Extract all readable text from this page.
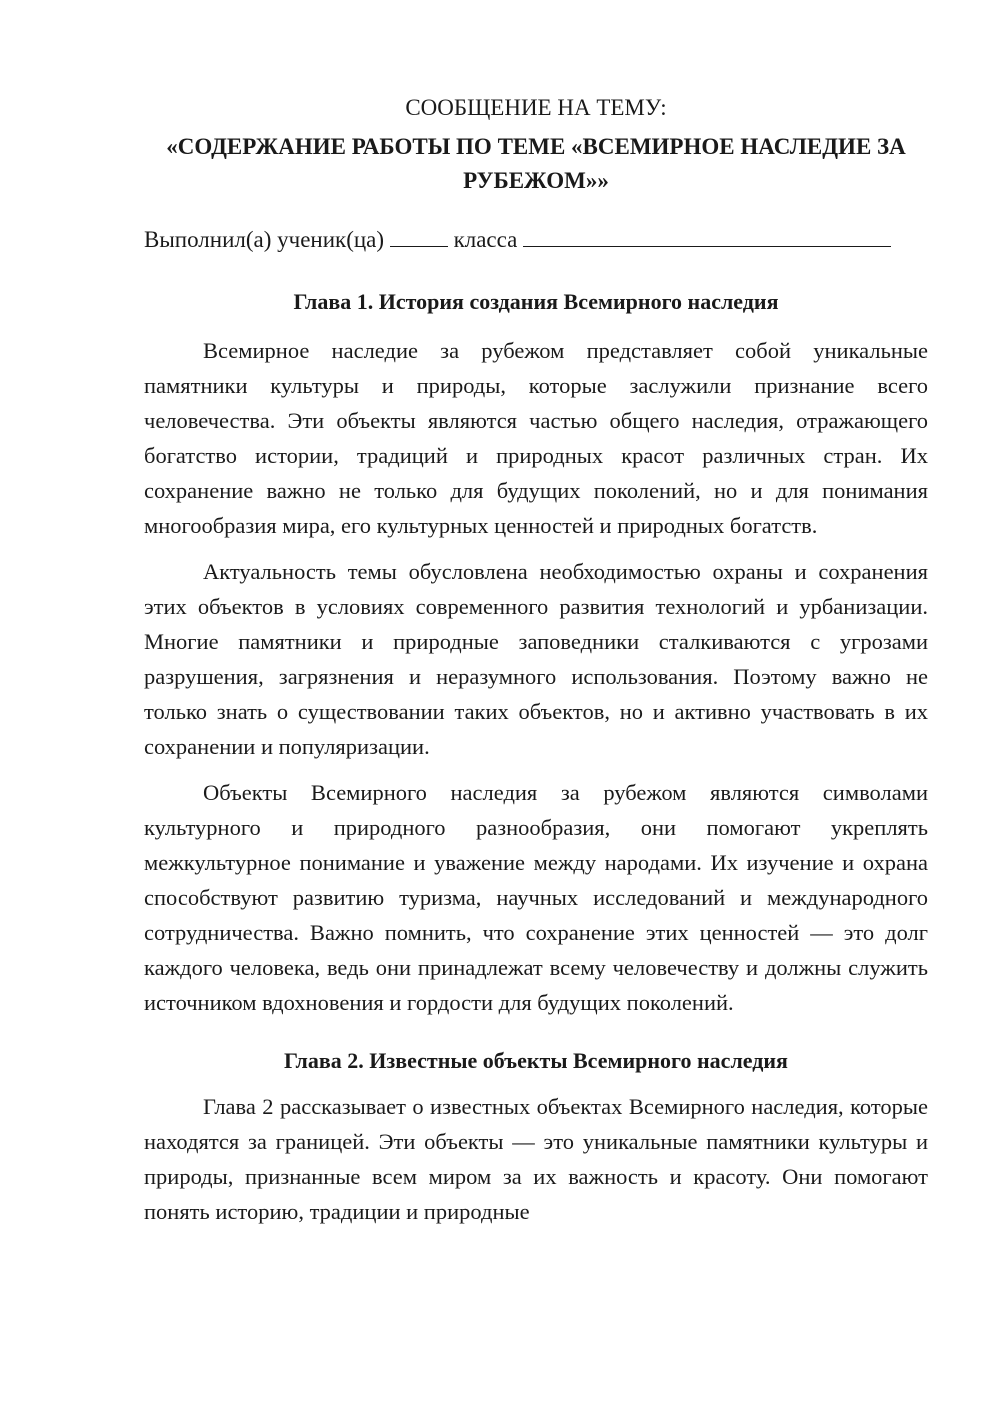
СООБЩЕНИЕ НА ТЕМУ:
«СОДЕРЖАНИЕ РАБОТЫ ПО ТЕМЕ «ВСЕМИРНОЕ НАСЛЕДИЕ ЗА РУБЕЖОМ»»
Выполнил(а) ученик(ца)	класса
Глава 1. История создания Всемирного наследия

Всемирное наследие за рубежом представляет собой уникальные памятники культуры и природы, которые заслужили признание всего человечества. Эти объекты являются частью общего наследия, отражающего богатство истории, традиций и природных красот различных стран. Их сохранение важно не только для будущих поколений, но и для понимания многообразия мира, его культурных ценностей и природных богатств.

Актуальность темы обусловлена необходимостью охраны и сохранения этих объектов в условиях современного развития технологий и урбанизации. Многие памятники и природные заповедники сталкиваются с угрозами разрушения, загрязнения и неразумного использования. Поэтому важно не только знать о существовании таких объектов, но и активно участвовать в их сохранении и популяризации.

Объекты Всемирного наследия за рубежом являются символами культурного и природного разнообразия, они помогают укреплять межкультурное понимание и уважение между народами. Их изучение и охрана способствуют развитию туризма, научных исследований и международного сотрудничества. Важно помнить, что сохранение этих ценностей — это долг каждого человека, ведь они принадлежат всему человечеству и должны служить источником вдохновения и гордости для будущих поколений.

Глава 2. Известные объекты Всемирного наследия

Глава 2 рассказывает о известных объектах Всемирного наследия, которые находятся за границей. Эти объекты — это уникальные памятники культуры и природы, признанные всем миром за их важность и красоту. Они помогают понять историю, традиции и природные
